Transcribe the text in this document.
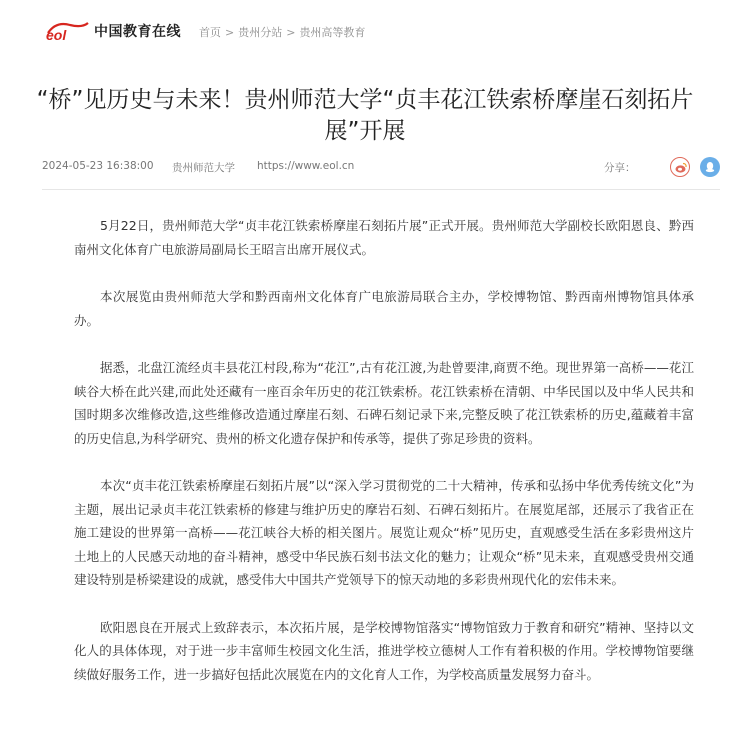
eol 中国教育在线 首页 > 贵州分站 > 贵州高等教育
“桥”见历史与未来！贵州师范大学“贞丰花江铁索桥摩崖石刻拓片展”开展
2024-05-23 16:38:00 贵州师范大学 https://www.eol.cn	分享：

5月22日，贵州师范大学“贞丰花江铁索桥摩崖石刻拓片展”正式开展。贵州师范大学副校长欧阳恩良、黔西南州文化体育广电旅游局副局长王昭言出席开展仪式。

本次展览由贵州师范大学和黔西南州文化体育广电旅游局联合主办，学校博物馆、黔西南州博物馆具体承办。

据悉，北盘江流经贞丰县花江村段,称为“花江”,古有花江渡,为赴曾要津,商贾不绝。现世界第一高桥——花江峡谷大桥在此兴建,而此处还藏有一座百余年历史的花江铁索桥。花江铁索桥在清朝、中华民国以及中华人民共和国时期多次维修改造,这些维修改造通过摩崖石刻、石碑石刻记录下来,完整反映了花江铁索桥的历史,蕴藏着丰富的历史信息,为科学研究、贵州的桥文化遗存保护和传承等，提供了弥足珍贵的资料。

本次“贞丰花江铁索桥摩崖石刻拓片展”以“深入学习贯彻党的二十大精神，传承和弘扬中华优秀传统文化”为主题，展出记录贞丰花江铁索桥的修建与维护历史的摩岩石刻、石碑石刻拓片。在展览尾部，还展示了我省正在施工建设的世界第一高桥——花江峡谷大桥的相关图片。展览让观众“桥”见历史，直观感受生活在多彩贵州这片土地上的人民感天动地的奋斗精神，感受中华民族石刻书法文化的魅力；让观众“桥”见未来，直观感受贵州交通建设特别是桥梁建设的成就，感受伟大中国共产党领导下的惊天动地的多彩贵州现代化的宏伟未来。

欧阳恩良在开展式上致辞表示，本次拓片展，是学校博物馆落实“博物馆致力于教育和研究”精神、坚持以文化人的具体体现，对于进一步丰富师生校园文化生活，推进学校立德树人工作有着积极的作用。学校博物馆要继续做好服务工作，进一步搞好包括此次展览在内的文化育人工作，为学校高质量发展努力奋斗。
